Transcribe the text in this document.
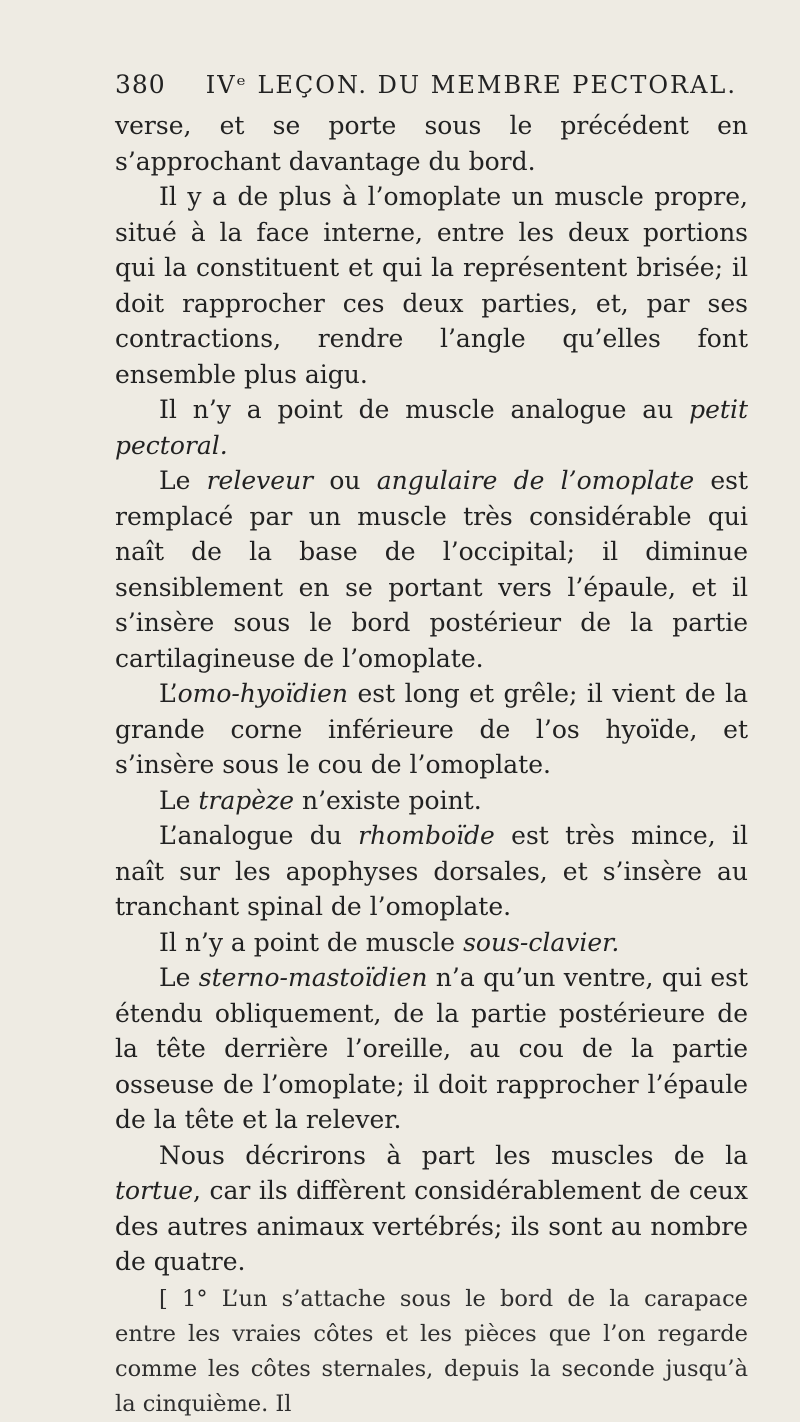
380 IVᵉ LEÇON. DU MEMBRE PECTORAL.

verse, et se porte sous le précédent en s’approchant davantage du bord.

Il y a de plus à l’omoplate un muscle propre, situé à la face interne, entre les deux portions qui la constituent et qui la représentent brisée; il doit rapprocher ces deux parties, et, par ses contractions, rendre l’angle qu’elles font ensemble plus aigu.

Il n’y a point de muscle analogue au petit pectoral.

Le releveur ou angulaire de l’omoplate est remplacé par un muscle très considérable qui naît de la base de l’occipital; il diminue sensiblement en se portant vers l’épaule, et il s’insère sous le bord postérieur de la partie cartilagineuse de l’omoplate.

L’omo-hyoïdien est long et grêle; il vient de la grande corne inférieure de l’os hyoïde, et s’insère sous le cou de l’omoplate.

Le trapèze n’existe point.

L’analogue du rhomboïde est très mince, il naît sur les apophyses dorsales, et s’insère au tranchant spinal de l’omoplate.

Il n’y a point de muscle sous-clavier.

Le sterno-mastoïdien n’a qu’un ventre, qui est étendu obliquement, de la partie postérieure de la tête derrière l’oreille, au cou de la partie osseuse de l’omoplate; il doit rapprocher l’épaule de la tête et la relever.

Nous décrirons à part les muscles de la tortue, car ils diffèrent considérablement de ceux des autres animaux vertébrés; ils sont au nombre de quatre.

[ 1° L’un s’attache sous le bord de la carapace entre les vraies côtes et les pièces que l’on regarde comme les côtes sternales, depuis la seconde jusqu’à la cinquième. Il
